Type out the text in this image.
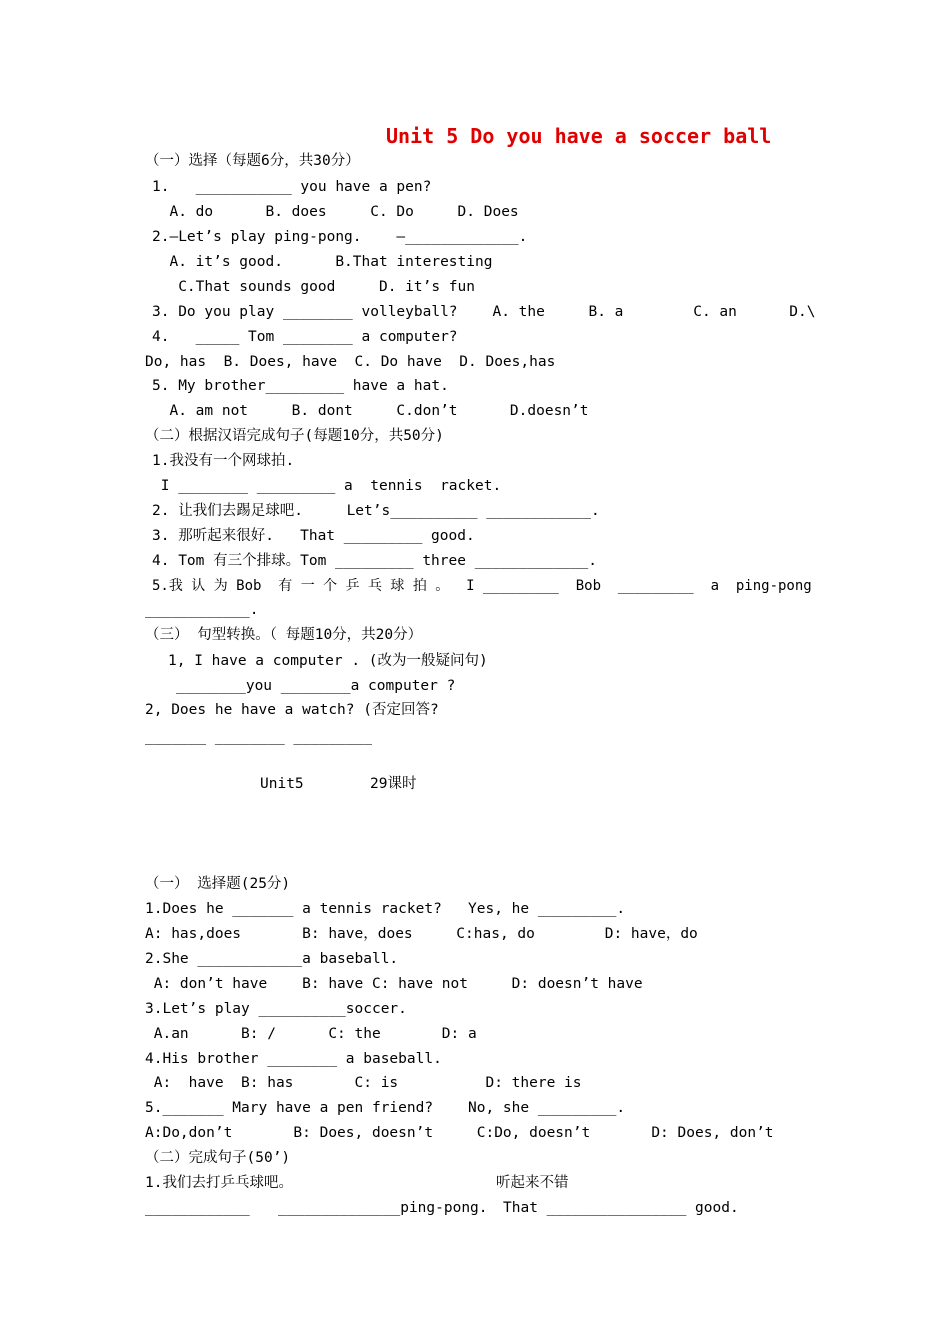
Unit 5 Do you have a soccer ball
（一）选择（每题6分，共30分）
1.   ___________ you have a pen?
A. do      B. does     C. Do     D. Does
2.—Let’s play ping-pong.    —_____________.
A. it’s good.      B.That interesting
C.That sounds good     D. it’s fun
3. Do you play ________ volleyball?    A. the     B. a        C. an      D.\
4.   _____ Tom ________ a computer?
Do, has  B. Does, have  C. Do have  D. Does,has
5. My brother_________ have a hat.
A. am not     B. dont     C.don’t      D.doesn’t
（二）根据汉语完成句子(每题10分，共50分)
1.我没有一个网球拍.
I ________ _________ a  tennis  racket.
2. 让我们去踢足球吧.     Let’s__________ ____________.
3. 那听起来很好.   That _________ good.
4. Tom 有三个排球。Tom _________ three _____________.
5.我 认 为 Bob  有 一 个 乒 乓 球 拍 。  I _________  Bob  _________  a  ping-pong
____________.
（三） 句型转换。（ 每题10分，共20分）
1, I have a computer . (改为一般疑问句)
________you ________a computer ?
2, Does he have a watch? (否定回答?
_______ ________ _________
Unit5	29课时
（一） 选择题(25分)
1.Does he _______ a tennis racket?   Yes, he _________.
A: has,does       B: have，does     C:has, do        D: have，do
2.She ____________a baseball.
A: don’t have    B: have C: have not     D: doesn’t have
3.Let’s play __________soccer.
A.an      B: /      C: the       D: a
4.His brother ________ a baseball.
A:  have  B: has       C: is          D: there is
5._______ Mary have a pen friend?    No, she _________.
A:Do,don’t       B: Does, doesn’t     C:Do, doesn’t       D: Does, don’t
（二）完成句子(50’)
1.我们去打乒乓球吧。	听起来不错
____________ ______________ping-pong. That ________________ good.
